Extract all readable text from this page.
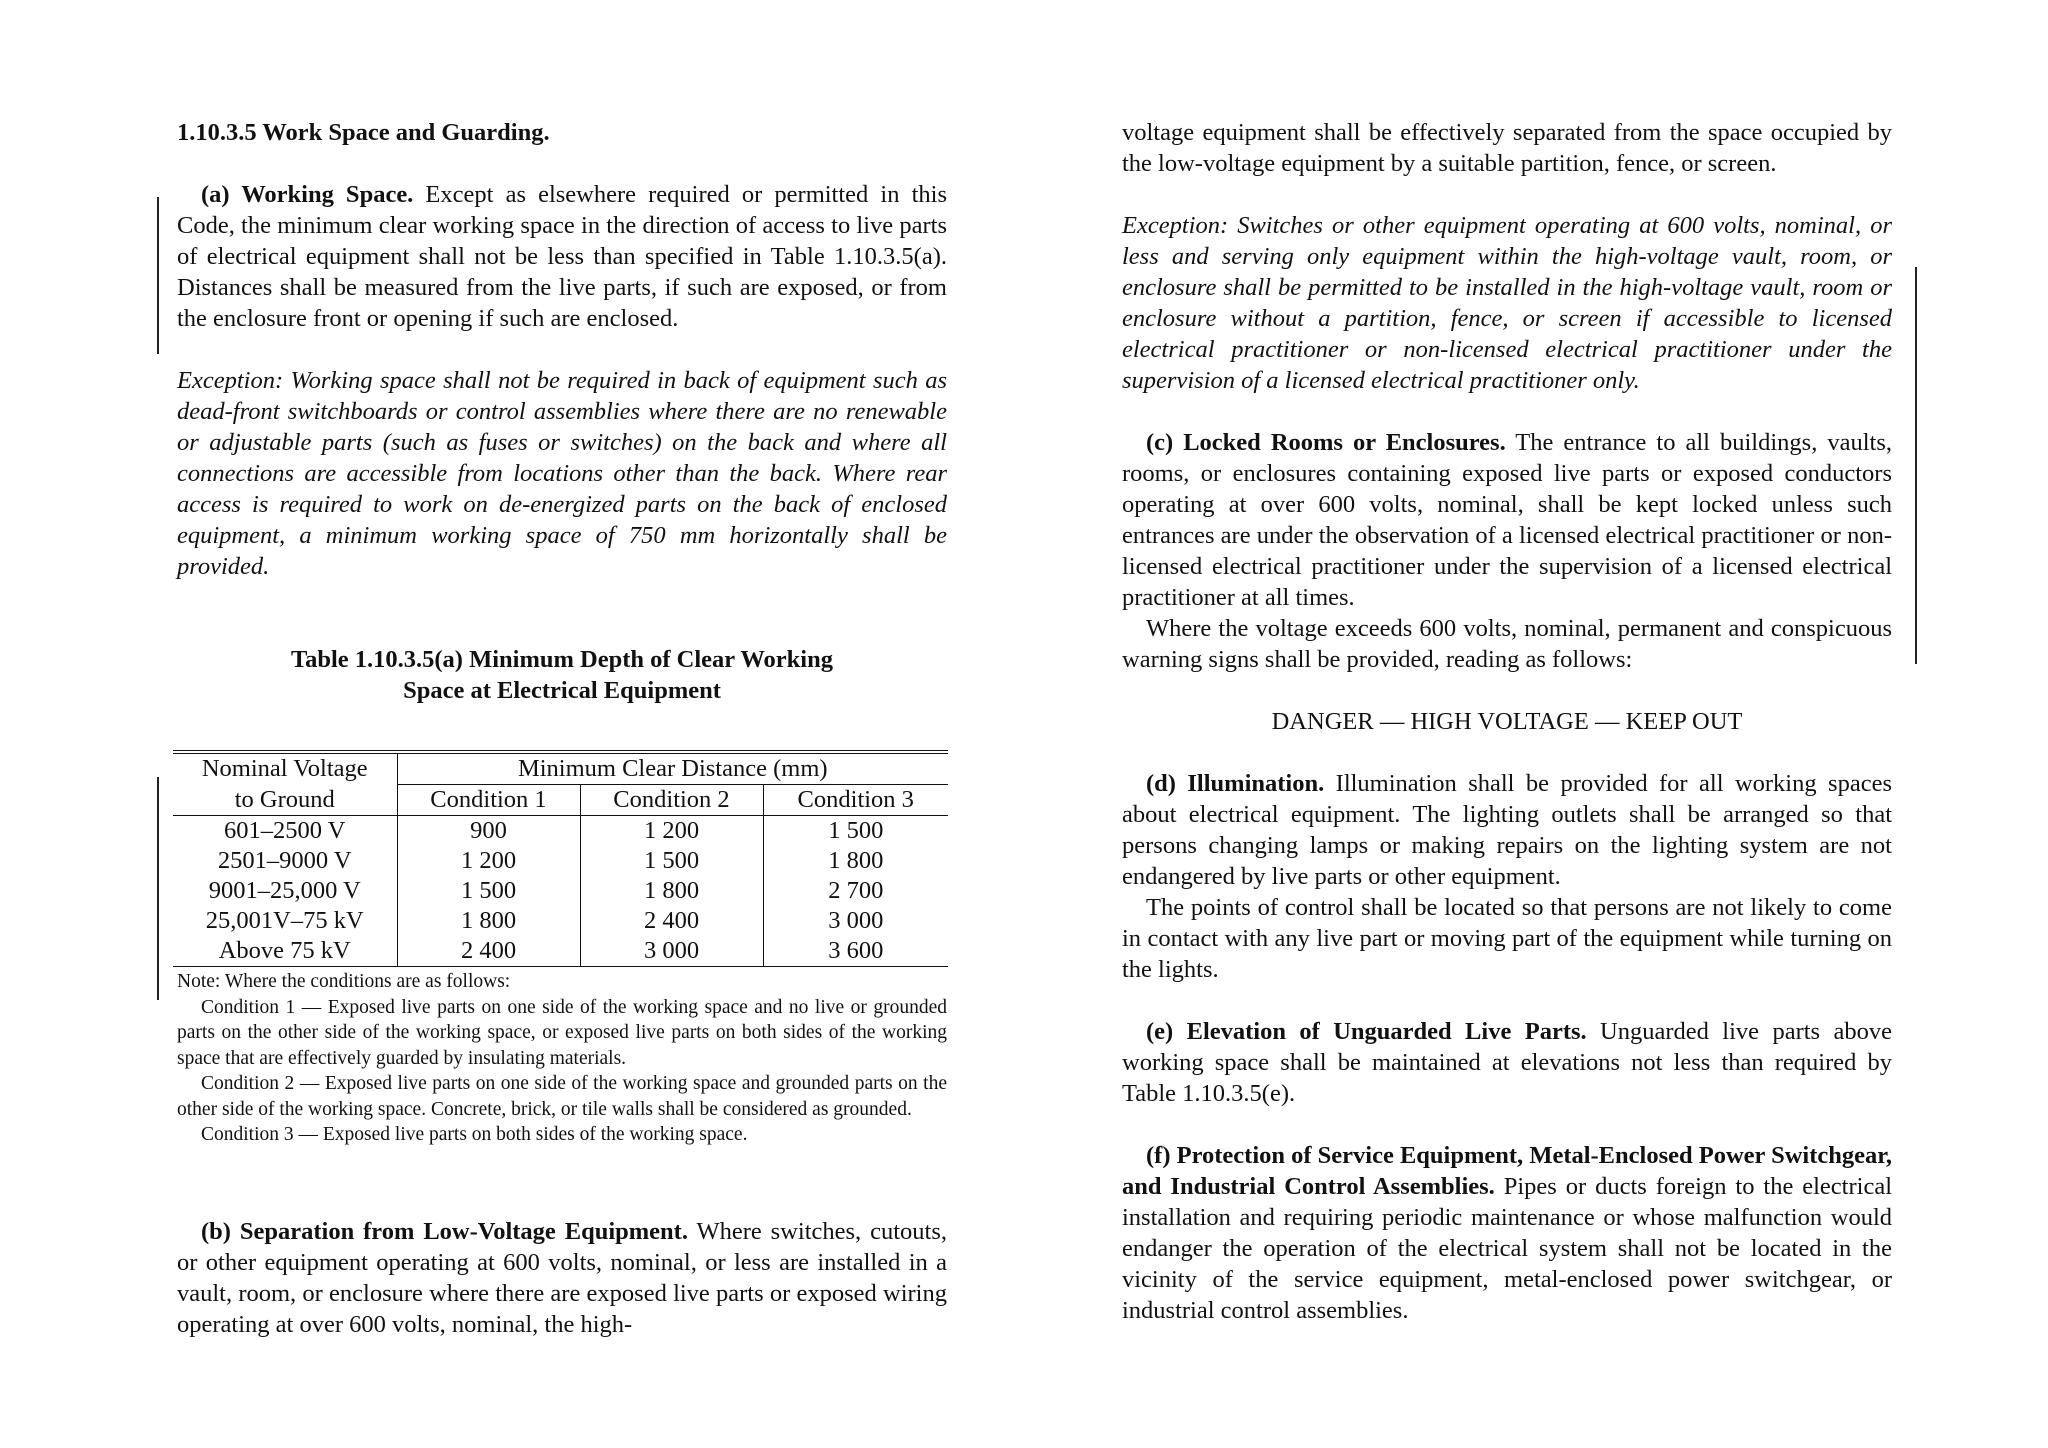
1.10.3.5 Work Space and Guarding.

(a) Working Space. Except as elsewhere required or permitted in this Code, the minimum clear working space in the direction of access to live parts of electrical equipment shall not be less than specified in Table 1.10.3.5(a). Distances shall be measured from the live parts, if such are exposed, or from the enclosure front or opening if such are enclosed.

Exception: Working space shall not be required in back of equipment such as dead-front switchboards or control assemblies where there are no renewable or adjustable parts (such as fuses or switches) on the back and where all connections are accessible from locations other than the back. Where rear access is required to work on de-energized parts on the back of enclosed equipment, a minimum working space of 750 mm horizontally shall be provided.

Table 1.10.3.5(a) Minimum Depth of Clear Working

Space at Electrical Equipment

Nominal Voltage	Minimum Clear Distance (mm)		
to Ground	Condition 1	Condition 2	Condition 3
601–2500 V	900	1 200	1 500
2501–9000 V	1 200	1 500	1 800
9001–25,000 V	1 500	1 800	2 700
25,001V–75 kV	1 800	2 400	3 000
Above 75 kV	2 400	3 000	3 600

Note: Where the conditions are as follows:

Condition 1 — Exposed live parts on one side of the working space and no live or grounded parts on the other side of the working space, or exposed live parts on both sides of the working space that are effectively guarded by insulating materials.

Condition 2 — Exposed live parts on one side of the working space and grounded parts on the other side of the working space. Concrete, brick, or tile walls shall be considered as grounded.

Condition 3 — Exposed live parts on both sides of the working space.

(b) Separation from Low-Voltage Equipment. Where switches, cutouts, or other equipment operating at 600 volts, nominal, or less are installed in a vault, room, or enclosure where there are exposed live parts or exposed wiring operating at over 600 volts, nominal, the high-

voltage equipment shall be effectively separated from the space occupied by the low-voltage equipment by a suitable partition, fence, or screen.

Exception: Switches or other equipment operating at 600 volts, nominal, or less and serving only equipment within the high-voltage vault, room, or enclosure shall be permitted to be installed in the high-voltage vault, room or enclosure without a partition, fence, or screen if accessible to licensed electrical practitioner or non-licensed electrical practitioner under the supervision of a licensed electrical practitioner only.

(c) Locked Rooms or Enclosures. The entrance to all buildings, vaults, rooms, or enclosures containing exposed live parts or exposed conductors operating at over 600 volts, nominal, shall be kept locked unless such entrances are under the observation of a licensed electrical practitioner or non-licensed electrical practitioner under the supervision of a licensed electrical practitioner at all times.

Where the voltage exceeds 600 volts, nominal, permanent and conspicuous warning signs shall be provided, reading as follows:

DANGER — HIGH VOLTAGE — KEEP OUT

(d) Illumination. Illumination shall be provided for all working spaces about electrical equipment. The lighting outlets shall be arranged so that persons changing lamps or making repairs on the lighting system are not endangered by live parts or other equipment.

The points of control shall be located so that persons are not likely to come in contact with any live part or moving part of the equipment while turning on the lights.

(e) Elevation of Unguarded Live Parts. Unguarded live parts above working space shall be maintained at elevations not less than required by Table 1.10.3.5(e).

(f) Protection of Service Equipment, Metal-Enclosed Power Switchgear, and Industrial Control Assemblies. Pipes or ducts foreign to the electrical installation and requiring periodic maintenance or whose malfunction would endanger the operation of the electrical system shall not be located in the vicinity of the service equipment, metal-enclosed power switchgear, or industrial control assemblies.
